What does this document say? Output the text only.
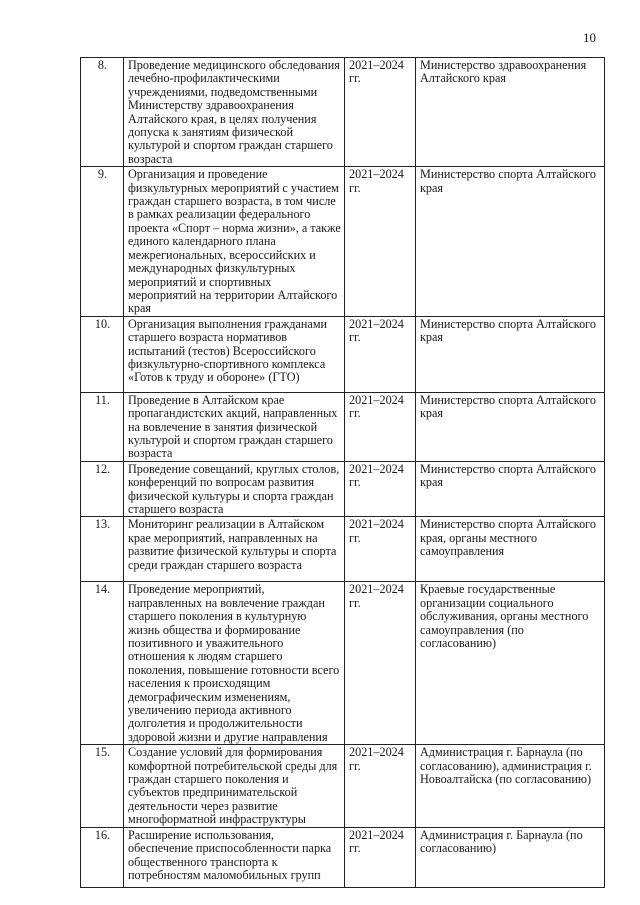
10
8.	Проведение медицинского обследования лечебно-профилактическими учреждениями, подведомственными Министерству здравоохранения Алтайского края, в целях получения допуска к занятиям физической культурой и спортом граждан старшего возраста	2021–2024 гг.	Министерство здравоохранения Алтайского края
9.	Организация и проведение физкультурных мероприятий с участием граждан старшего возраста, в том числе в рамках реализации федерального проекта «Спорт – норма жизни», а также единого календарного плана межрегиональных, всероссийских и международных физкультурных мероприятий и спортивных мероприятий на территории Алтайского края	2021–2024 гг.	Министерство спорта Алтайского края
10.	Организация выполнения гражданами старшего возраста нормативов испытаний (тестов) Всероссийского физкультурно-спортивного комплекса «Готов к труду и обороне» (ГТО)	2021–2024 гг.	Министерство спорта Алтайского края
11.	Проведение в Алтайском крае пропагандистских акций, направленных на вовлечение в занятия физической культурой и спортом граждан старшего возраста	2021–2024 гг.	Министерство спорта Алтайского края
12.	Проведение совещаний, круглых столов, конференций по вопросам развития физической культуры и спорта граждан старшего возраста	2021–2024 гг.	Министерство спорта Алтайского края
13.	Мониторинг реализации в Алтайском крае мероприятий, направленных на развитие физической культуры и спорта среди граждан старшего возраста	2021–2024 гг.	Министерство спорта Алтайского края, органы местного самоуправления
14.	Проведение мероприятий, направленных на вовлечение граждан старшего поколения в культурную жизнь общества и формирование позитивного и уважительного отношения к людям старшего поколения, повышение готовности всего населения к происходящим демографическим изменениям, увеличению периода активного долголетия и продолжительности здоровой жизни и другие направления	2021–2024 гг.	Краевые государственные организации социального обслуживания, органы местного самоуправления (по согласованию)
15.	Создание условий для формирования комфортной потребительской среды для граждан старшего поколения и субъектов предпринимательской деятельности через развитие многоформатной инфраструктуры	2021–2024 гг.	Администрация г. Барнаула (по согласованию), администрация г. Новоалтайска (по согласованию)
16.	Расширение использования, обеспечение приспособленности парка общественного транспорта к потребностям маломобильных групп	2021–2024 гг.	Администрация г. Барнаула (по согласованию)
